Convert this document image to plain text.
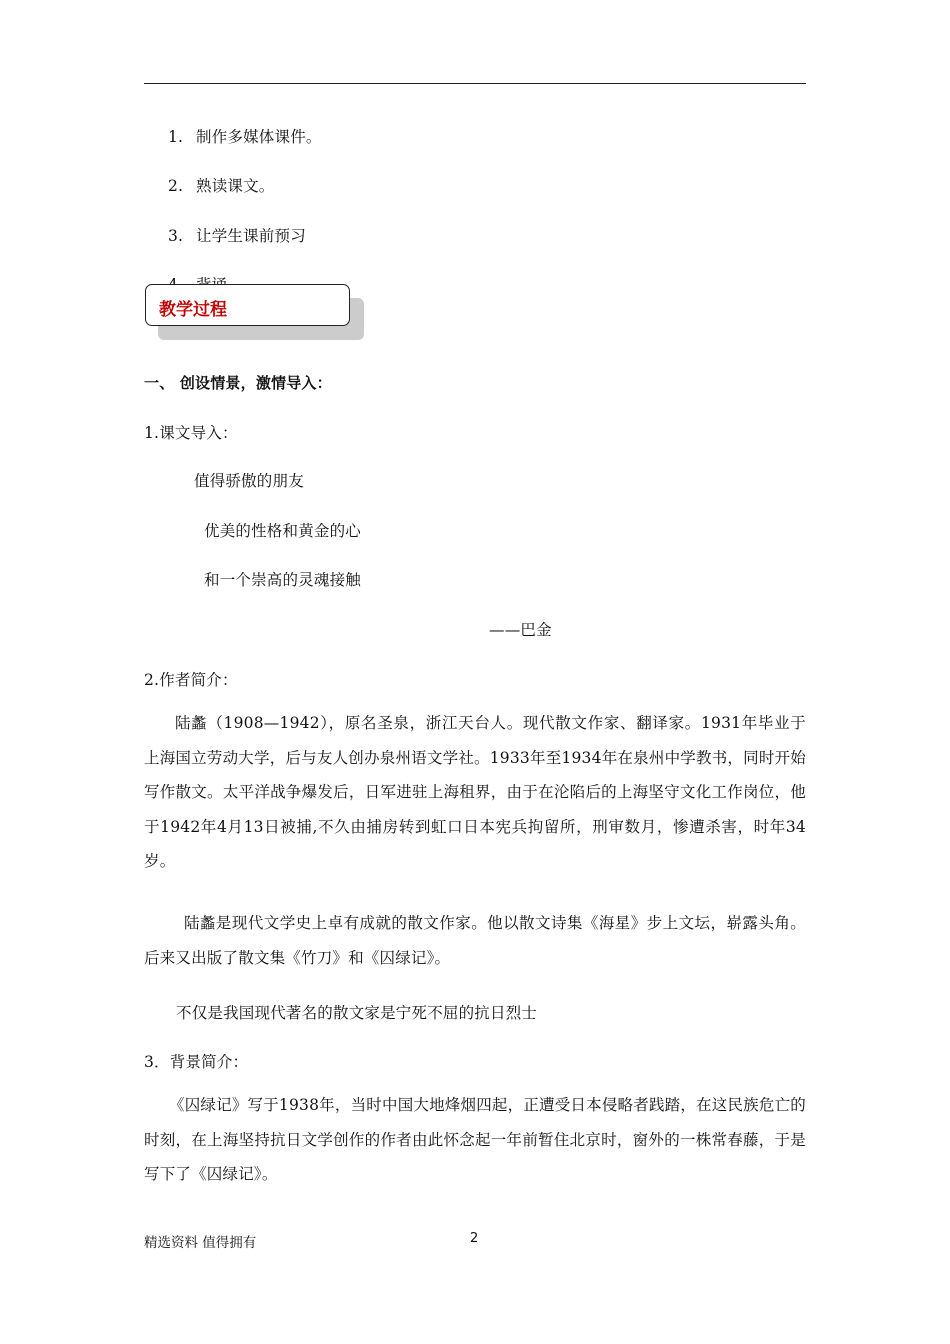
1. 制作多媒体课件。
2. 熟读课文。
3. 让学生课前预习
教学过程
一、 创设情景，激情导入：
1.课文导入：
值得骄傲的朋友
优美的性格和黄金的心
和一个崇高的灵魂接触
——巴金
2.作者简介：

陆蠡（1908—1942），原名圣泉，浙江天台人。现代散文作家、翻译家。1931年毕业于上海国立劳动大学，后与友人创办泉州语文学社。1933年至1934年在泉州中学教书，同时开始写作散文。太平洋战争爆发后，日军进驻上海租界，由于在沦陷后的上海坚守文化工作岗位，他于1942年4月13日被捕,不久由捕房转到虹口日本宪兵拘留所，刑审数月，惨遭杀害，时年34岁。

陆蠡是现代文学史上卓有成就的散文作家。他以散文诗集《海星》步上文坛，崭露头角。后来又出版了散文集《竹刀》和《囚绿记》。

不仅是我国现代著名的散文家是宁死不屈的抗日烈士
3．背景简介：

《囚绿记》写于1938年，当时中国大地烽烟四起，正遭受日本侵略者践踏，在这民族危亡的时刻，在上海坚持抗日文学创作的作者由此怀念起一年前暂住北京时，窗外的一株常春藤，于是写下了《囚绿记》。

精选资料 值得拥有	2
